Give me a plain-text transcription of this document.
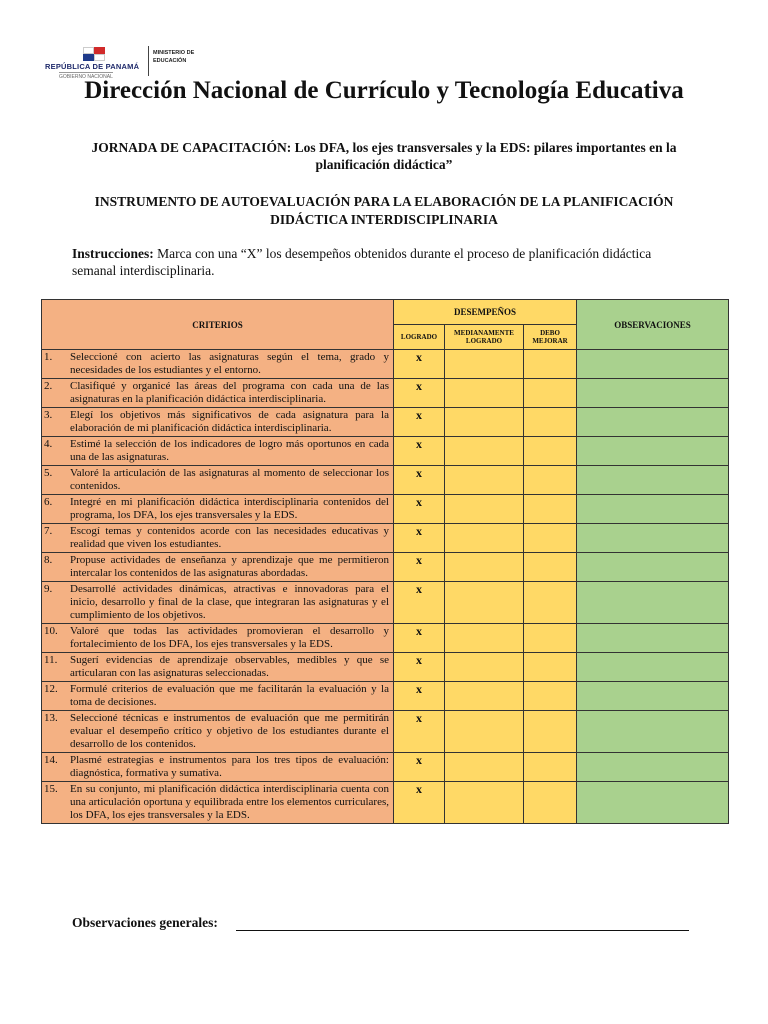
REPÚBLICA DE PANAMÁ
GOBIERNO NACIONAL
MINISTERIO DE
EDUCACIÓN
Dirección Nacional de Currículo y Tecnología Educativa
JORNADA DE CAPACITACIÓN: Los DFA, los ejes transversales y la EDS: pilares importantes en la planificación didáctica”
INSTRUMENTO DE AUTOEVALUACIÓN PARA LA ELABORACIÓN DE LA PLANIFICACIÓN DIDÁCTICA INTERDISCIPLINARIA
Instrucciones: Marca con una “X” los desempeños obtenidos durante el proceso de planificación didáctica semanal interdisciplinaria.
CRITERIOS	DESEMPEÑOS			OBSERVACIONES
	LOGRADO	MEDIANAMENTE LOGRADO	DEBO MEJORAR	

1. Seleccioné con acierto las asignaturas según el tema, grado y necesidades de los estudiantes y el entorno.	x			

2. Clasifiqué y organicé las áreas del programa con cada una de las asignaturas en la planificación didáctica interdisciplinaria.	x			

3. Elegí los objetivos más significativos de cada asignatura para la elaboración de mi planificación didáctica interdisciplinaria.	x			

4. Estimé la selección de los indicadores de logro más oportunos en cada una de las asignaturas.	x			

5. Valoré la articulación de las asignaturas al momento de seleccionar los contenidos.	x			

6. Integré en mi planificación didáctica interdisciplinaria contenidos del programa, los DFA, los ejes transversales y la EDS.	x			

7. Escogí temas y contenidos acorde con las necesidades educativas y realidad que viven los estudiantes.	x			

8. Propuse actividades de enseñanza y aprendizaje que me permitieron intercalar los contenidos de las asignaturas abordadas.	x			

9. Desarrollé actividades dinámicas, atractivas e innovadoras para el inicio, desarrollo y final de la clase, que integraran las asignaturas y el cumplimiento de los objetivos.	x			

10. Valoré que todas las actividades promovieran el desarrollo y fortalecimiento de los DFA, los ejes transversales y la EDS.	x			

11. Sugerí evidencias de aprendizaje observables, medibles y que se articularan con las asignaturas seleccionadas.	x			

12. Formulé criterios de evaluación que me facilitarán la evaluación y la toma de decisiones.	x			

13. Seleccioné técnicas e instrumentos de evaluación que me permitirán evaluar el desempeño crítico y objetivo de los estudiantes durante el desarrollo de los contenidos.	x			

14. Plasmé estrategias e instrumentos para los tres tipos de evaluación: diagnóstica, formativa y sumativa.	x			

15. En su conjunto, mi planificación didáctica interdisciplinaria cuenta con una articulación oportuna y equilibrada entre los elementos curriculares, los DFA, los ejes transversales y la EDS.	x			
Observaciones generales:
